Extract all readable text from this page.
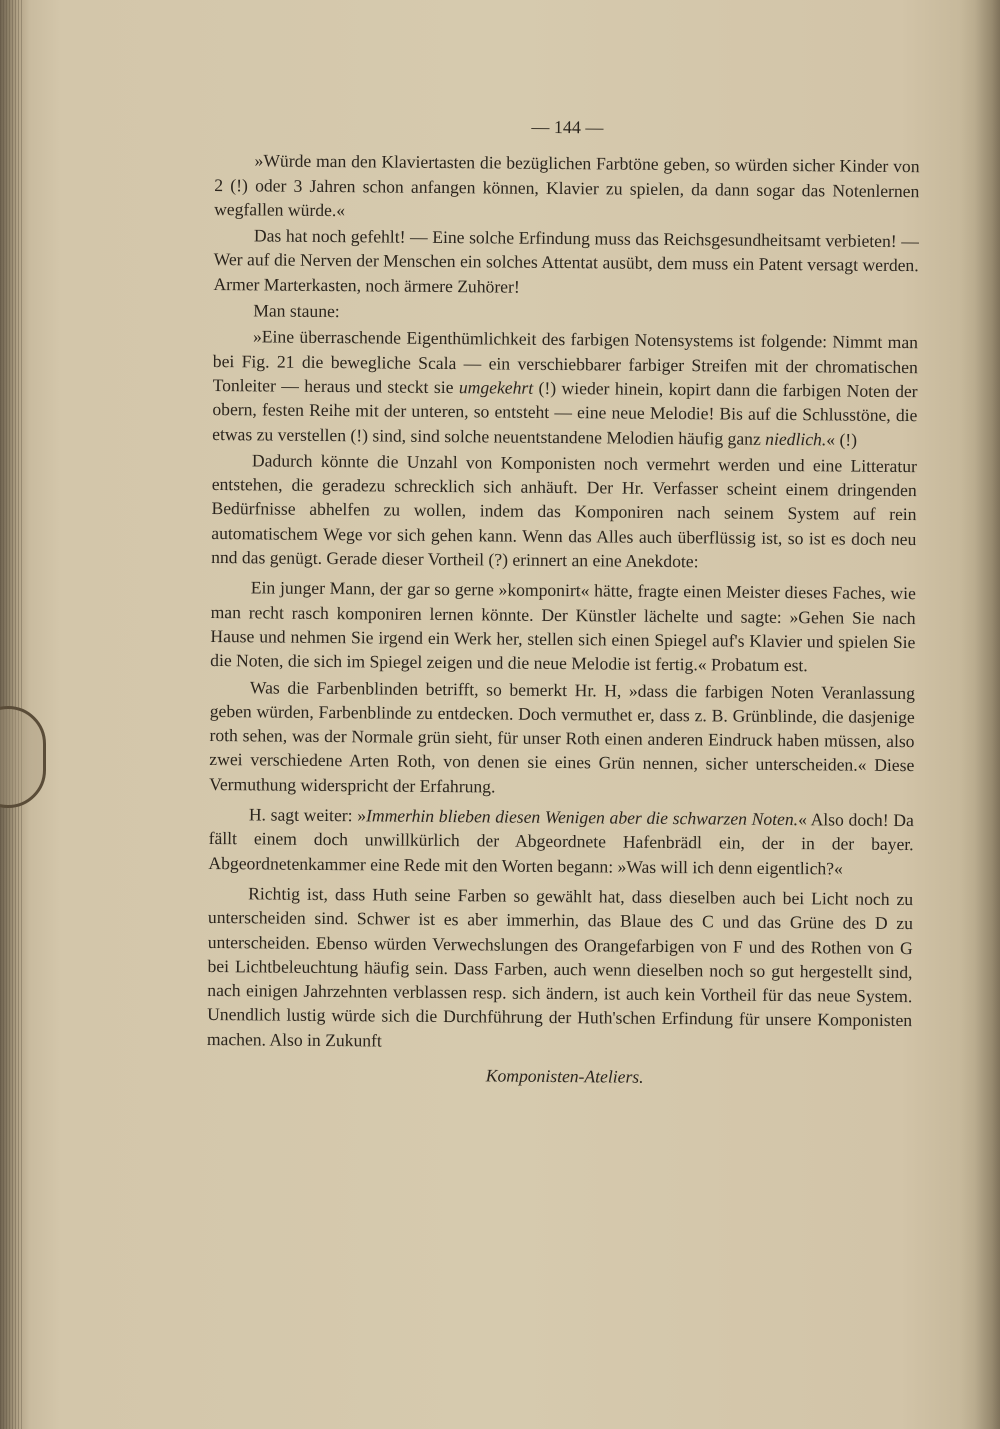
— 144 —

»Würde man den Klaviertasten die bezüglichen Farbtöne geben, so würden sicher Kinder von 2 (!) oder 3 Jahren schon anfangen können, Klavier zu spielen, da dann sogar das Notenlernen wegfallen würde.«

Das hat noch gefehlt! — Eine solche Erfindung muss das Reichsgesundheitsamt verbieten! — Wer auf die Nerven der Menschen ein solches Attentat ausübt, dem muss ein Patent versagt werden. Armer Marterkasten, noch ärmere Zuhörer!

Man staune:

»Eine überraschende Eigenthümlichkeit des farbigen Notensystems ist folgende: Nimmt man bei Fig. 21 die bewegliche Scala — ein verschiebbarer farbiger Streifen mit der chromatischen Tonleiter — heraus und steckt sie umgekehrt (!) wieder hinein, kopirt dann die farbigen Noten der obern, festen Reihe mit der unteren, so entsteht — eine neue Melodie! Bis auf die Schlusstöne, die etwas zu verstellen (!) sind, sind solche neuentstandene Melodien häufig ganz niedlich.« (!)

Dadurch könnte die Unzahl von Komponisten noch vermehrt werden und eine Litteratur entstehen, die geradezu schrecklich sich anhäuft. Der Hr. Verfasser scheint einem dringenden Bedürfnisse abhelfen zu wollen, indem das Komponiren nach seinem System auf rein automatischem Wege vor sich gehen kann. Wenn das Alles auch überflüssig ist, so ist es doch neu nnd das genügt. Gerade dieser Vortheil (?) erinnert an eine Anekdote:

Ein junger Mann, der gar so gerne »komponirt« hätte, fragte einen Meister dieses Faches, wie man recht rasch komponiren lernen könnte. Der Künstler lächelte und sagte: »Gehen Sie nach Hause und nehmen Sie irgend ein Werk her, stellen sich einen Spiegel auf's Klavier und spielen Sie die Noten, die sich im Spiegel zeigen und die neue Melodie ist fertig.« Probatum est.

Was die Farbenblinden betrifft, so bemerkt Hr. H, »dass die farbigen Noten Veranlassung geben würden, Farbenblinde zu entdecken. Doch vermuthet er, dass z. B. Grünblinde, die dasjenige roth sehen, was der Normale grün sieht, für unser Roth einen anderen Eindruck haben müssen, also zwei verschiedene Arten Roth, von denen sie eines Grün nennen, sicher unterscheiden.« Diese Vermuthung widerspricht der Erfahrung.

H. sagt weiter: »Immerhin blieben diesen Wenigen aber die schwarzen Noten.« Also doch! Da fällt einem doch unwillkürlich der Abgeordnete Hafenbrädl ein, der in der bayer. Abgeordnetenkammer eine Rede mit den Worten begann: »Was will ich denn eigentlich?«

Richtig ist, dass Huth seine Farben so gewählt hat, dass dieselben auch bei Licht noch zu unterscheiden sind. Schwer ist es aber immerhin, das Blaue des C und das Grüne des D zu unterscheiden. Ebenso würden Verwechslungen des Orangefarbigen von F und des Rothen von G bei Lichtbeleuchtung häufig sein. Dass Farben, auch wenn dieselben noch so gut hergestellt sind, nach einigen Jahrzehnten verblassen resp. sich ändern, ist auch kein Vortheil für das neue System. Unendlich lustig würde sich die Durchführung der Huth'schen Erfindung für unsere Komponisten machen. Also in Zukunft

Komponisten-Ateliers.
